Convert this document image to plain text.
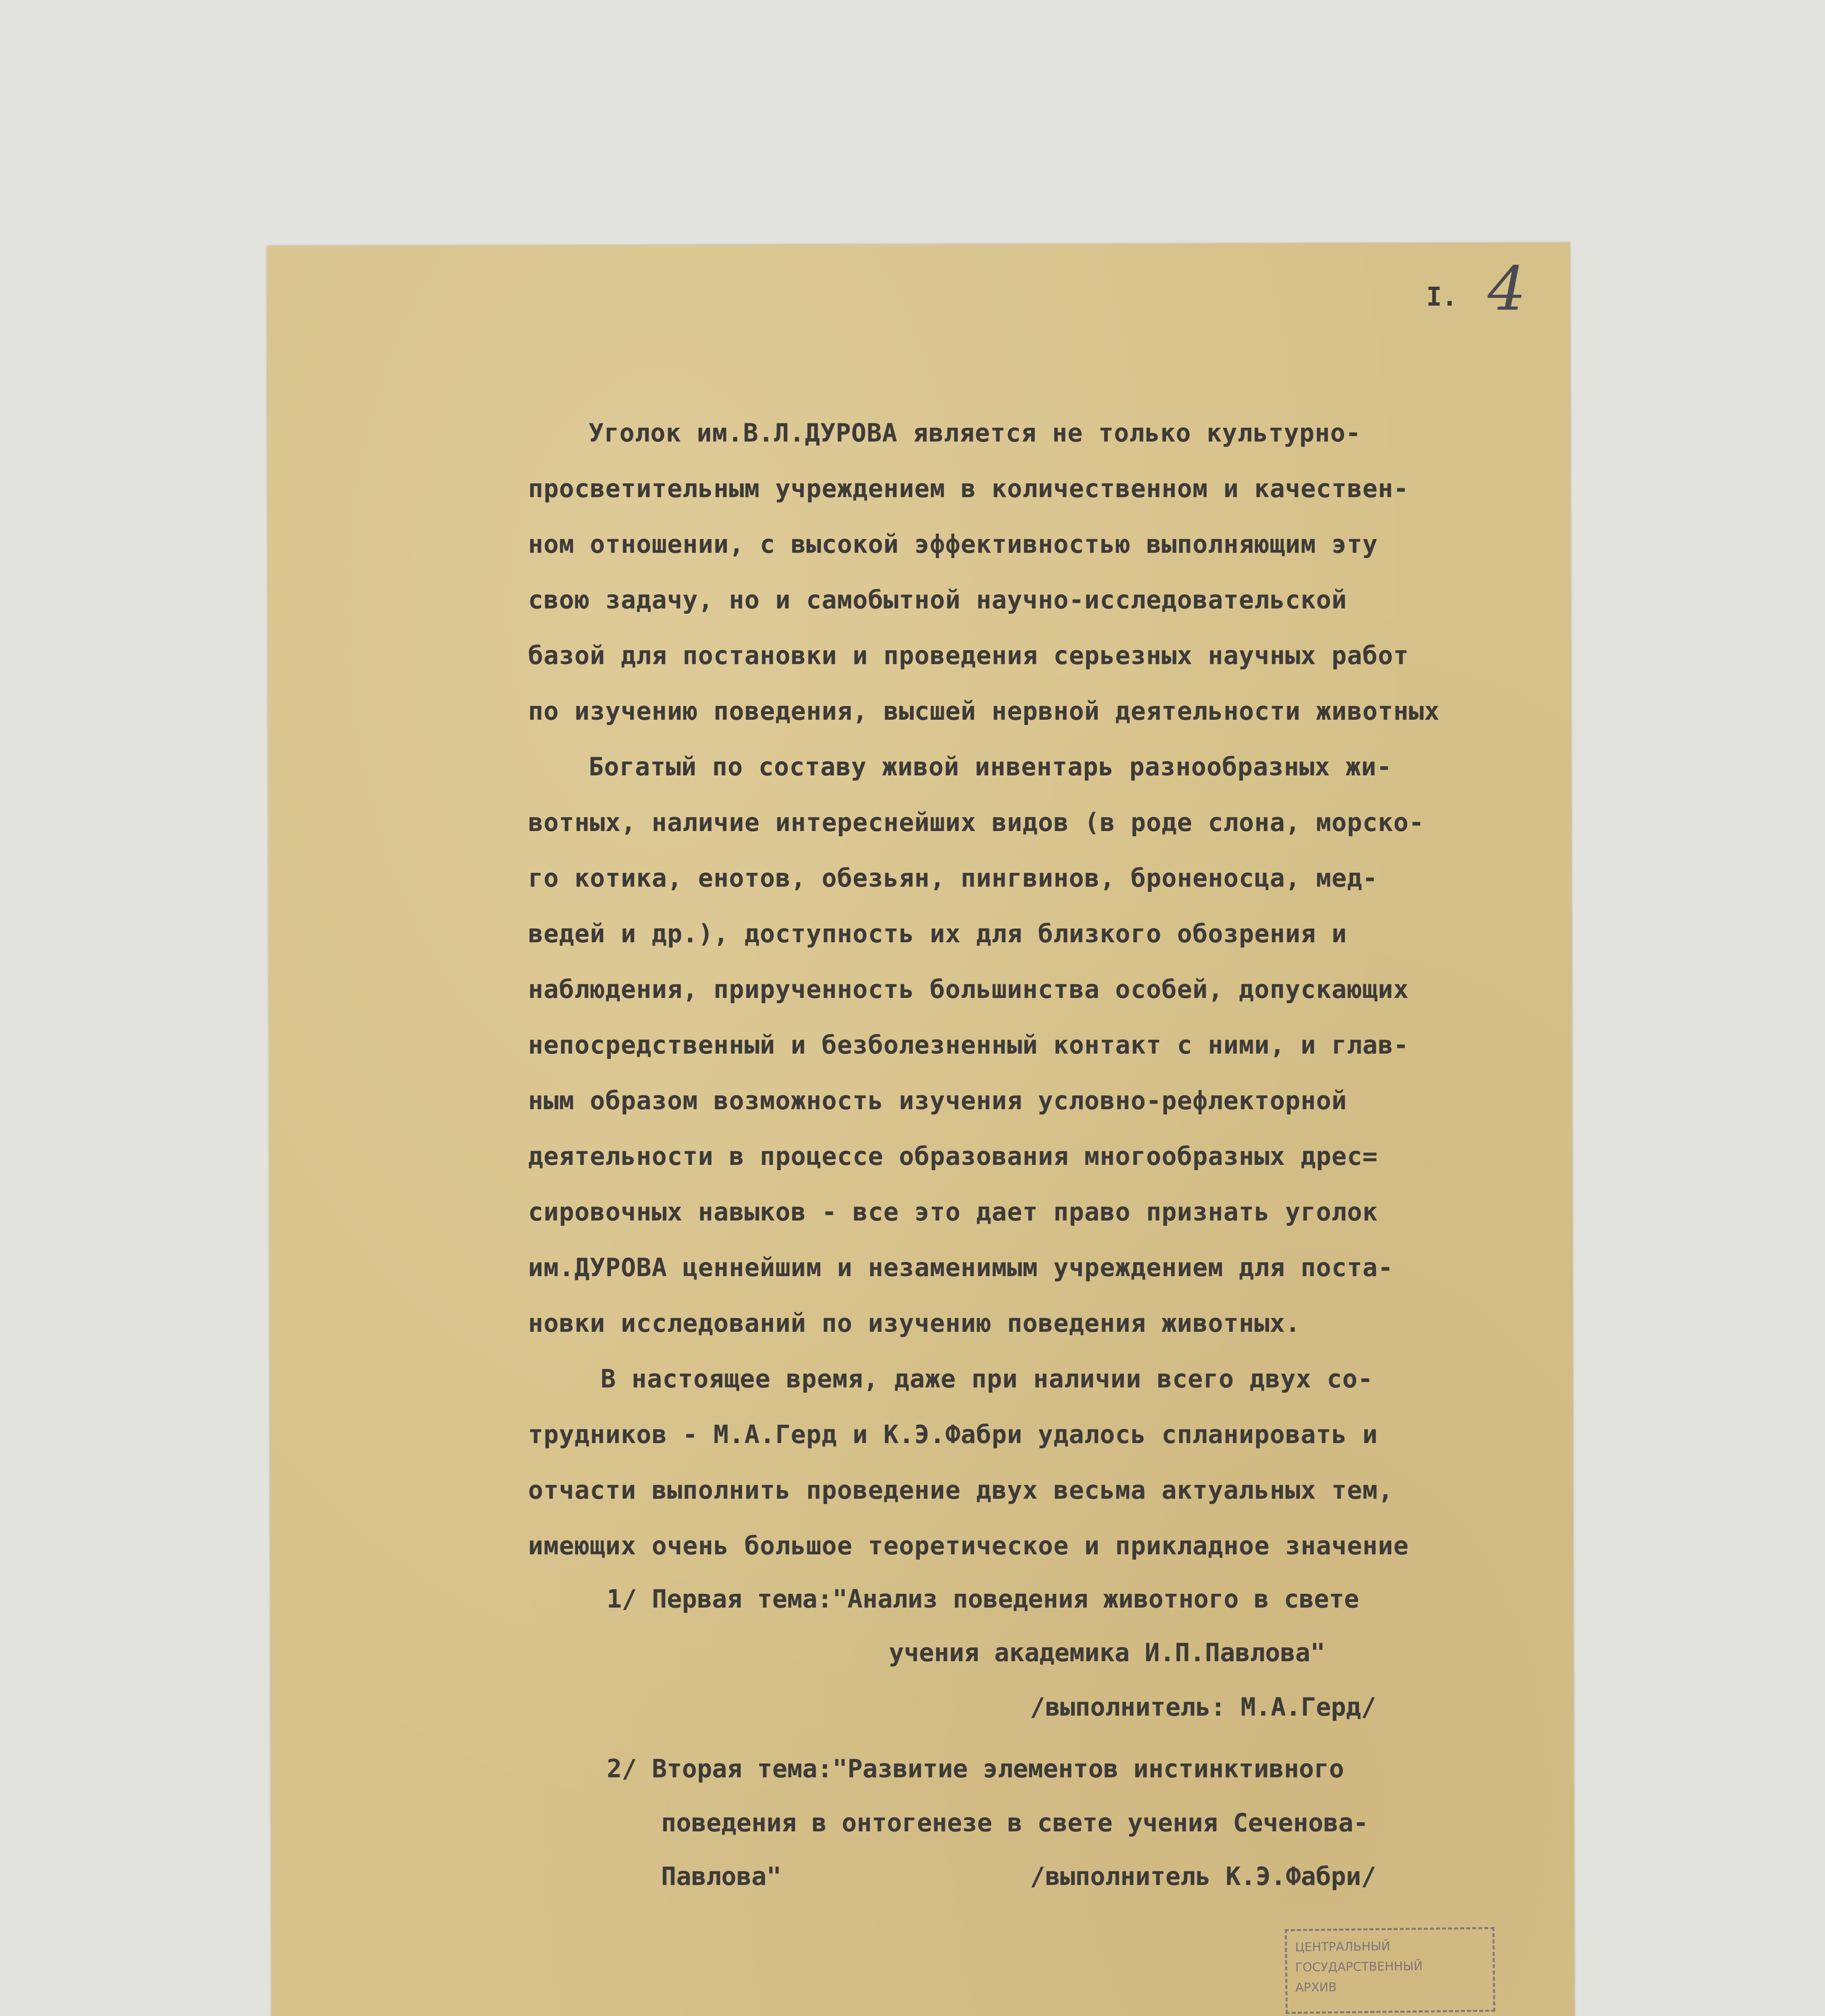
I. 4
Уголок им.В.Л.ДУРОВА является не только культурно-
просветительным учреждением в количественном и качествен-
ном отношении, с высокой эффективностью выполняющим эту
свою задачу, но и самобытной научно-исследовательской
базой для постановки и проведения серьезных научных работ
по изучению поведения, высшей нервной деятельности животных
Богатый по составу живой инвентарь разнообразных жи-
вотных, наличие интереснейших видов (в роде слона, морско-
го котика, енотов, обезьян, пингвинов, броненосца, мед-
ведей и др.), доступность их для близкого обозрения и
наблюдения, прирученность большинства особей, допускающих
непосредственный и безболезненный контакт с ними, и глав-
ным образом возможность изучения условно-рефлекторной
деятельности в процессе образования многообразных дрес=
сировочных навыков - все это дает право признать уголок
им.ДУРОВА ценнейшим и незаменимым учреждением для поста-
новки исследований по изучению поведения животных.
В настоящее время, даже при наличии всего двух со-
трудников - М.А.Герд и К.Э.Фабри удалось спланировать и
отчасти выполнить проведение двух весьма актуальных тем,
имеющих очень большое теоретическое и прикладное значение
1/ Первая тема:"Анализ поведения животного в свете
учения академика И.П.Павлова"
/выполнитель: М.А.Герд/
2/ Вторая тема:"Развитие элементов инстинктивного
поведения в онтогенезе в свете учения Сеченова-
Павлова"	/выполнитель К.Э.Фабри/
ЦЕНТРАЛЬНЫЙ
ГОСУДАРСТВЕННЫЙ
АРХИВ
